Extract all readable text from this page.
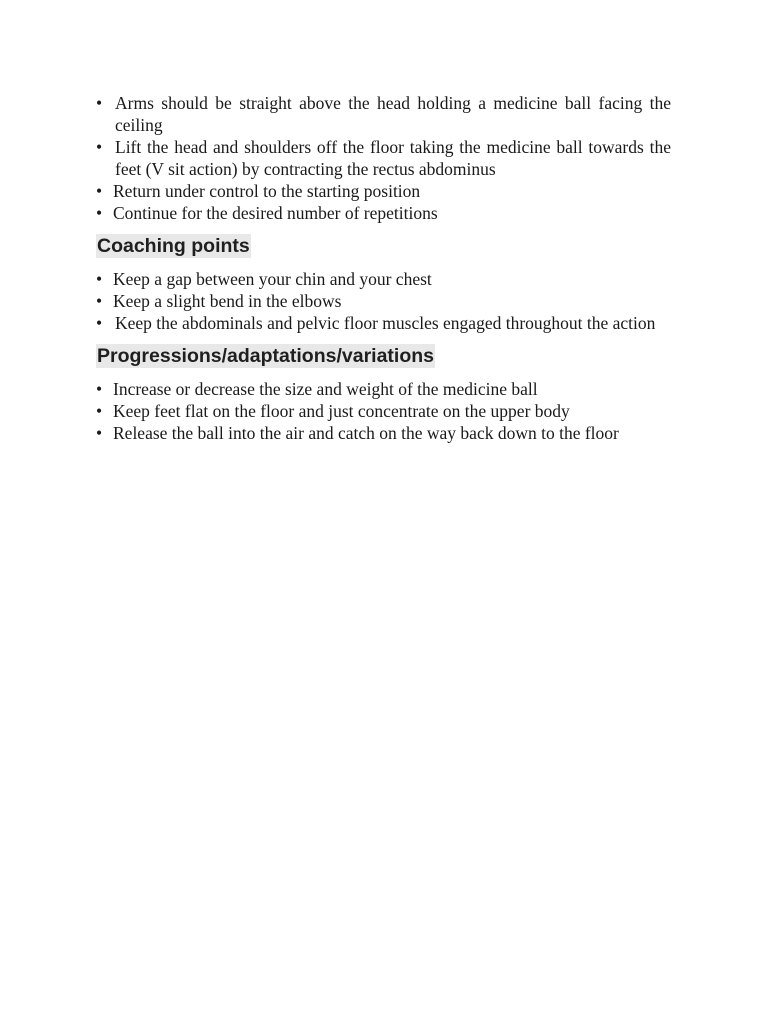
• Arms should be straight above the head holding a medicine ball facing the ceiling
• Lift the head and shoulders off the floor taking the medicine ball towards the feet (V sit action) by contracting the rectus abdominus
• Return under control to the starting position
• Continue for the desired number of repetitions
Coaching points
• Keep a gap between your chin and your chest
• Keep a slight bend in the elbows
• Keep the abdominals and pelvic floor muscles engaged throughout the action
Progressions/adaptations/variations
• Increase or decrease the size and weight of the medicine ball
• Keep feet flat on the floor and just concentrate on the upper body
• Release the ball into the air and catch on the way back down to the floor
